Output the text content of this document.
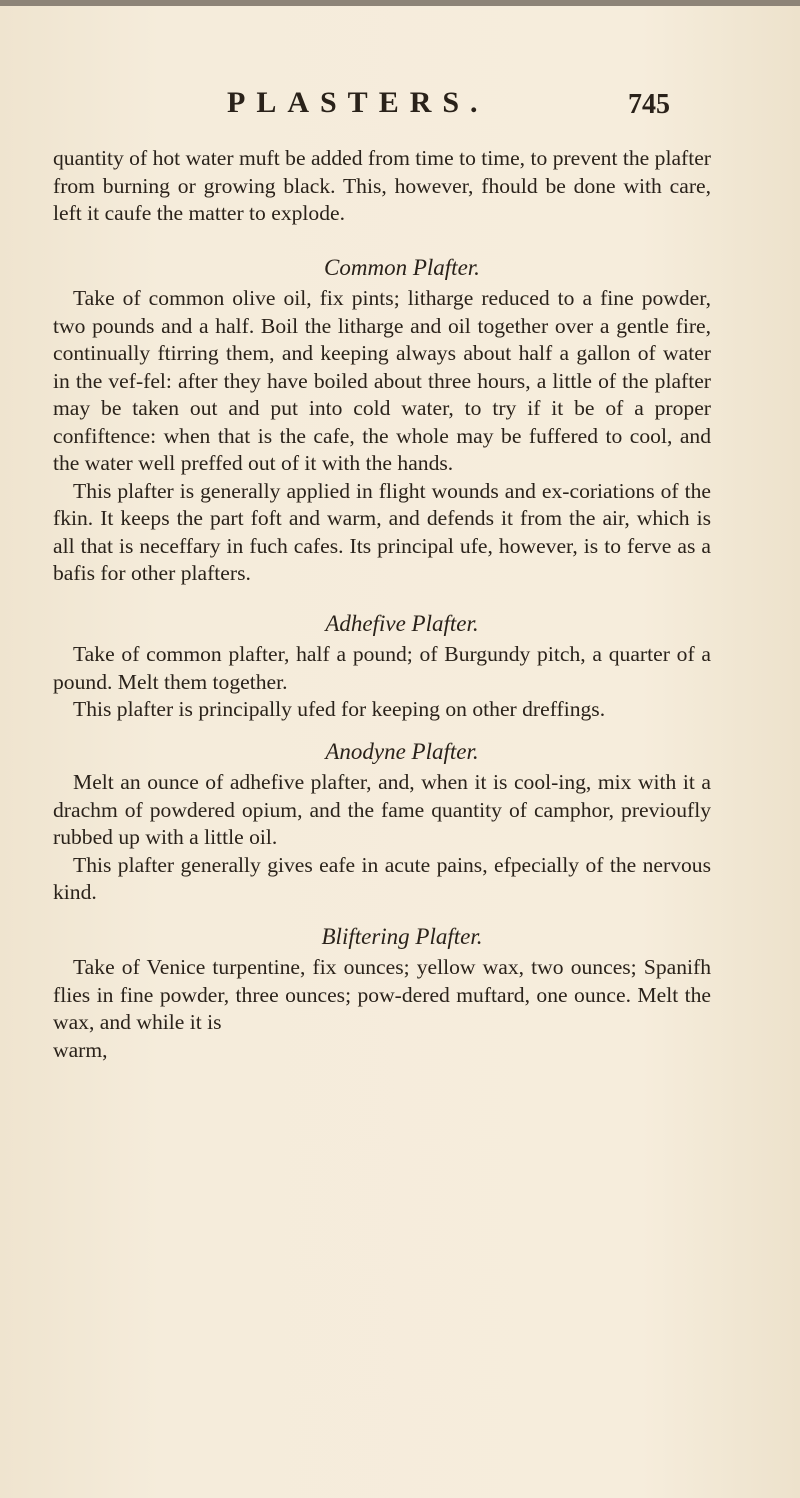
PLASTERS.	745

quantity of hot water muft be added from time to time, to prevent the plafter from burning or growing black. This, however, fhould be done with care, left it caufe the matter to explode.

Common Plafter.

Take of common olive oil, fix pints; litharge reduced to a fine powder, two pounds and a half. Boil the litharge and oil together over a gentle fire, continually ftirring them, and keeping always about half a gallon of water in the vef-fel: after they have boiled about three hours, a little of the plafter may be taken out and put into cold water, to try if it be of a proper confiftence: when that is the cafe, the whole may be fuffered to cool, and the water well preffed out of it with the hands.

This plafter is generally applied in flight wounds and ex-coriations of the fkin. It keeps the part foft and warm, and defends it from the air, which is all that is neceffary in fuch cafes. Its principal ufe, however, is to ferve as a bafis for other plafters.

Adhefive Plafter.

Take of common plafter, half a pound; of Burgundy pitch, a quarter of a pound. Melt them together.

This plafter is principally ufed for keeping on other dreffings.

Anodyne Plafter.

Melt an ounce of adhefive plafter, and, when it is cool-ing, mix with it a drachm of powdered opium, and the fame quantity of camphor, previoufly rubbed up with a little oil.

This plafter generally gives eafe in acute pains, efpecially of the nervous kind.

Bliftering Plafter.

Take of Venice turpentine, fix ounces; yellow wax, two ounces; Spanifh flies in fine powder, three ounces; pow-dered muftard, one ounce. Melt the wax, and while it is

warm,
